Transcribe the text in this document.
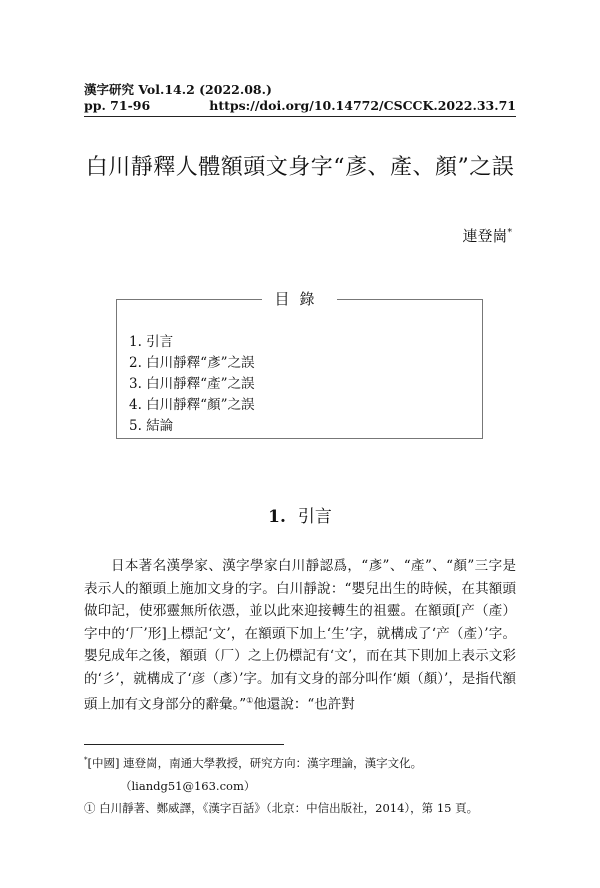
漢字研究 Vol.14.2 (2022.08.)
pp. 71-96	https://doi.org/10.14772/CSCCK.2022.33.71
白川靜釋人體額頭文身字“彥、產、顏”之誤
連登崗*
目錄
1. 引言
2. 白川靜釋“彥”之誤
3. 白川靜釋“產”之誤
4. 白川靜釋“顏”之誤
5. 結論
1. 引言
日本著名漢學家、漢字學家白川靜認爲，“彥”、“產”、“顏”三字是表示人的額頭上施加文身的字。白川靜說：“嬰兒出生的時候，在其額頭做印記，使邪靈無所依憑，並以此來迎接轉生的祖靈。在額頭[产（產）字中的‘厂’形]上標記‘文’，在額頭下加上‘生’字，就構成了‘产（產）’字。嬰兒成年之後，額頭（厂）之上仍標記有‘文’，而在其下則加上表示文彩的‘彡’，就構成了‘彦（彥）’字。加有文身的部分叫作‘頗（顏）’，是指代額頭上加有文身部分的辭彙。”①他還說：“也許對
*[中國] 連登崗，南通大學教授，研究方向：漢字理論，漢字文化。
（liandg51@163.com）
① 白川靜著、鄭威譯，《漢字百話》（北京：中信出版社，2014），第 15 頁。
